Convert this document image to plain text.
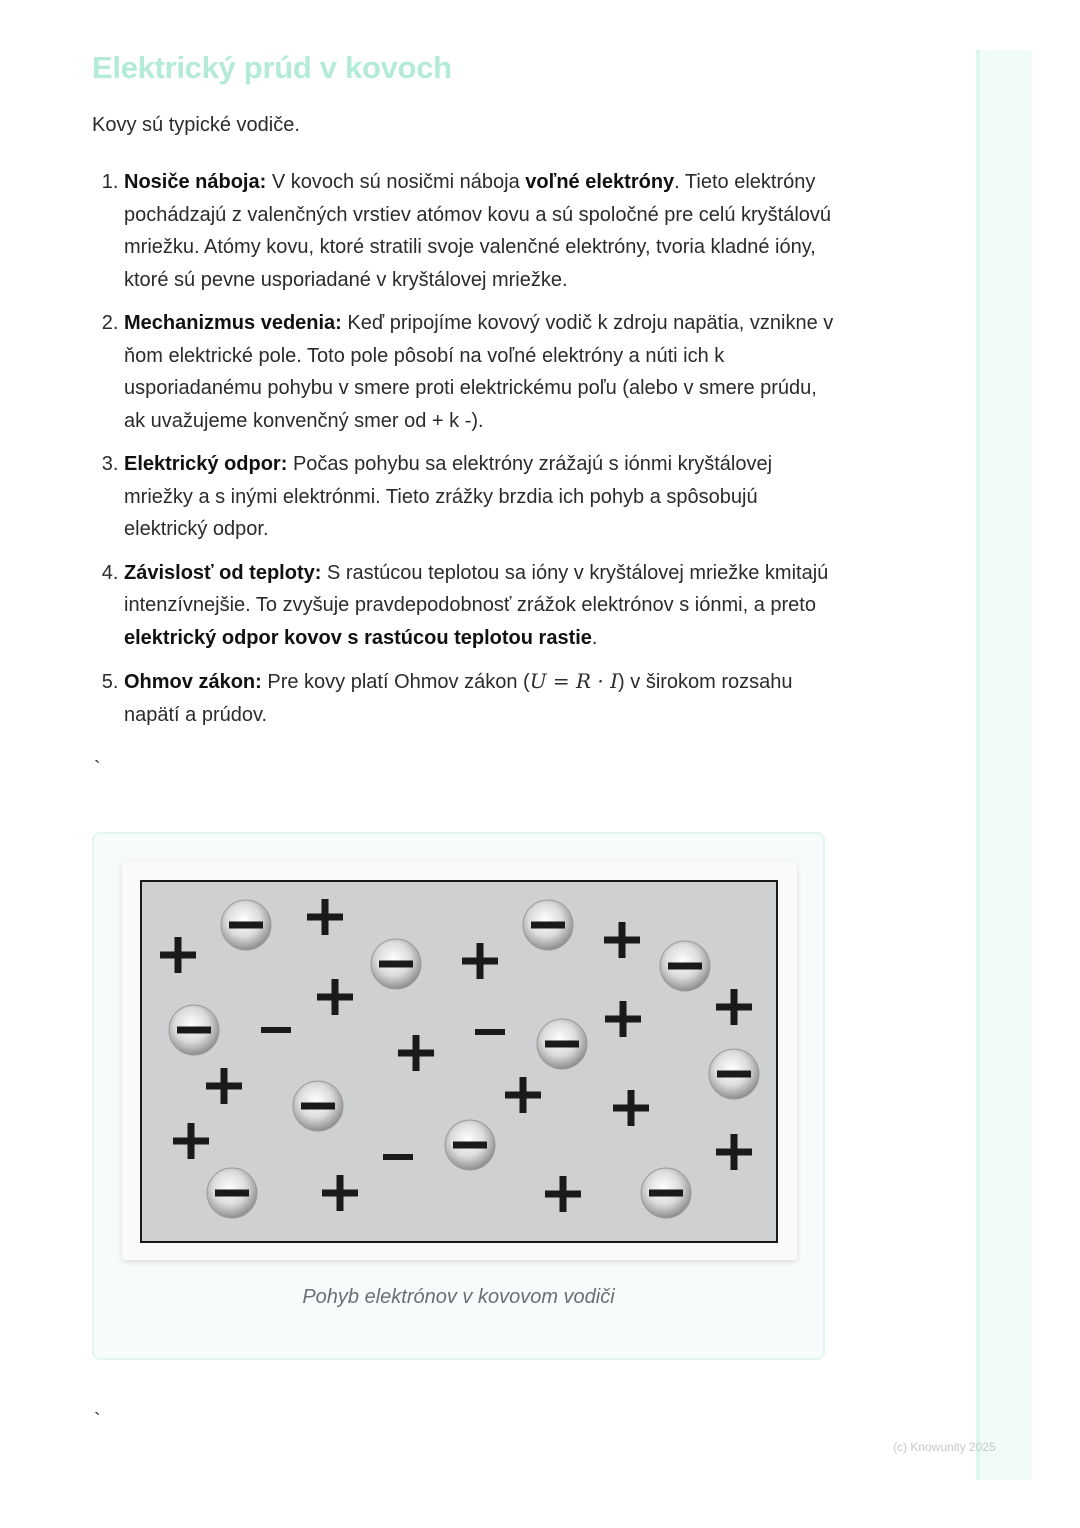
Elektrický prúd v kovoch

Kovy sú typické vodiče.

1. Nosiče náboja: V kovoch sú nosičmi náboja voľné elektróny. Tieto elektróny pochádzajú z valenčných vrstiev atómov kovu a sú spoločné pre celú kryštálovú mriežku. Atómy kovu, ktoré stratili svoje valenčné elektróny, tvoria kladné ióny, ktoré sú pevne usporiadané v kryštálovej mriežke.
2. Mechanizmus vedenia: Keď pripojíme kovový vodič k zdroju napätia, vznikne v ňom elektrické pole. Toto pole pôsobí na voľné elektróny a núti ich k usporiadanému pohybu v smere proti elektrickému poľu (alebo v smere prúdu, ak uvažujeme konvenčný smer od + k -).
3. Elektrický odpor: Počas pohybu sa elektróny zrážajú s iónmi kryštálovej mriežky a s inými elektrónmi. Tieto zrážky brzdia ich pohyb a spôsobujú elektrický odpor.
4. Závislosť od teploty: S rastúcou teplotou sa ióny v kryštálovej mriežke kmitajú intenzívnejšie. To zvyšuje pravdepodobnosť zrážok elektrónov s iónmi, a preto elektrický odpor kovov s rastúcou teplotou rastie.
5. Ohmov zákon: Pre kovy platí Ohmov zákon (U = R · I) v širokom rozsahu napätí a prúdov.
`

Pohyb elektrónov v kovovom vodiči

`

(c) Knowunity 2025
